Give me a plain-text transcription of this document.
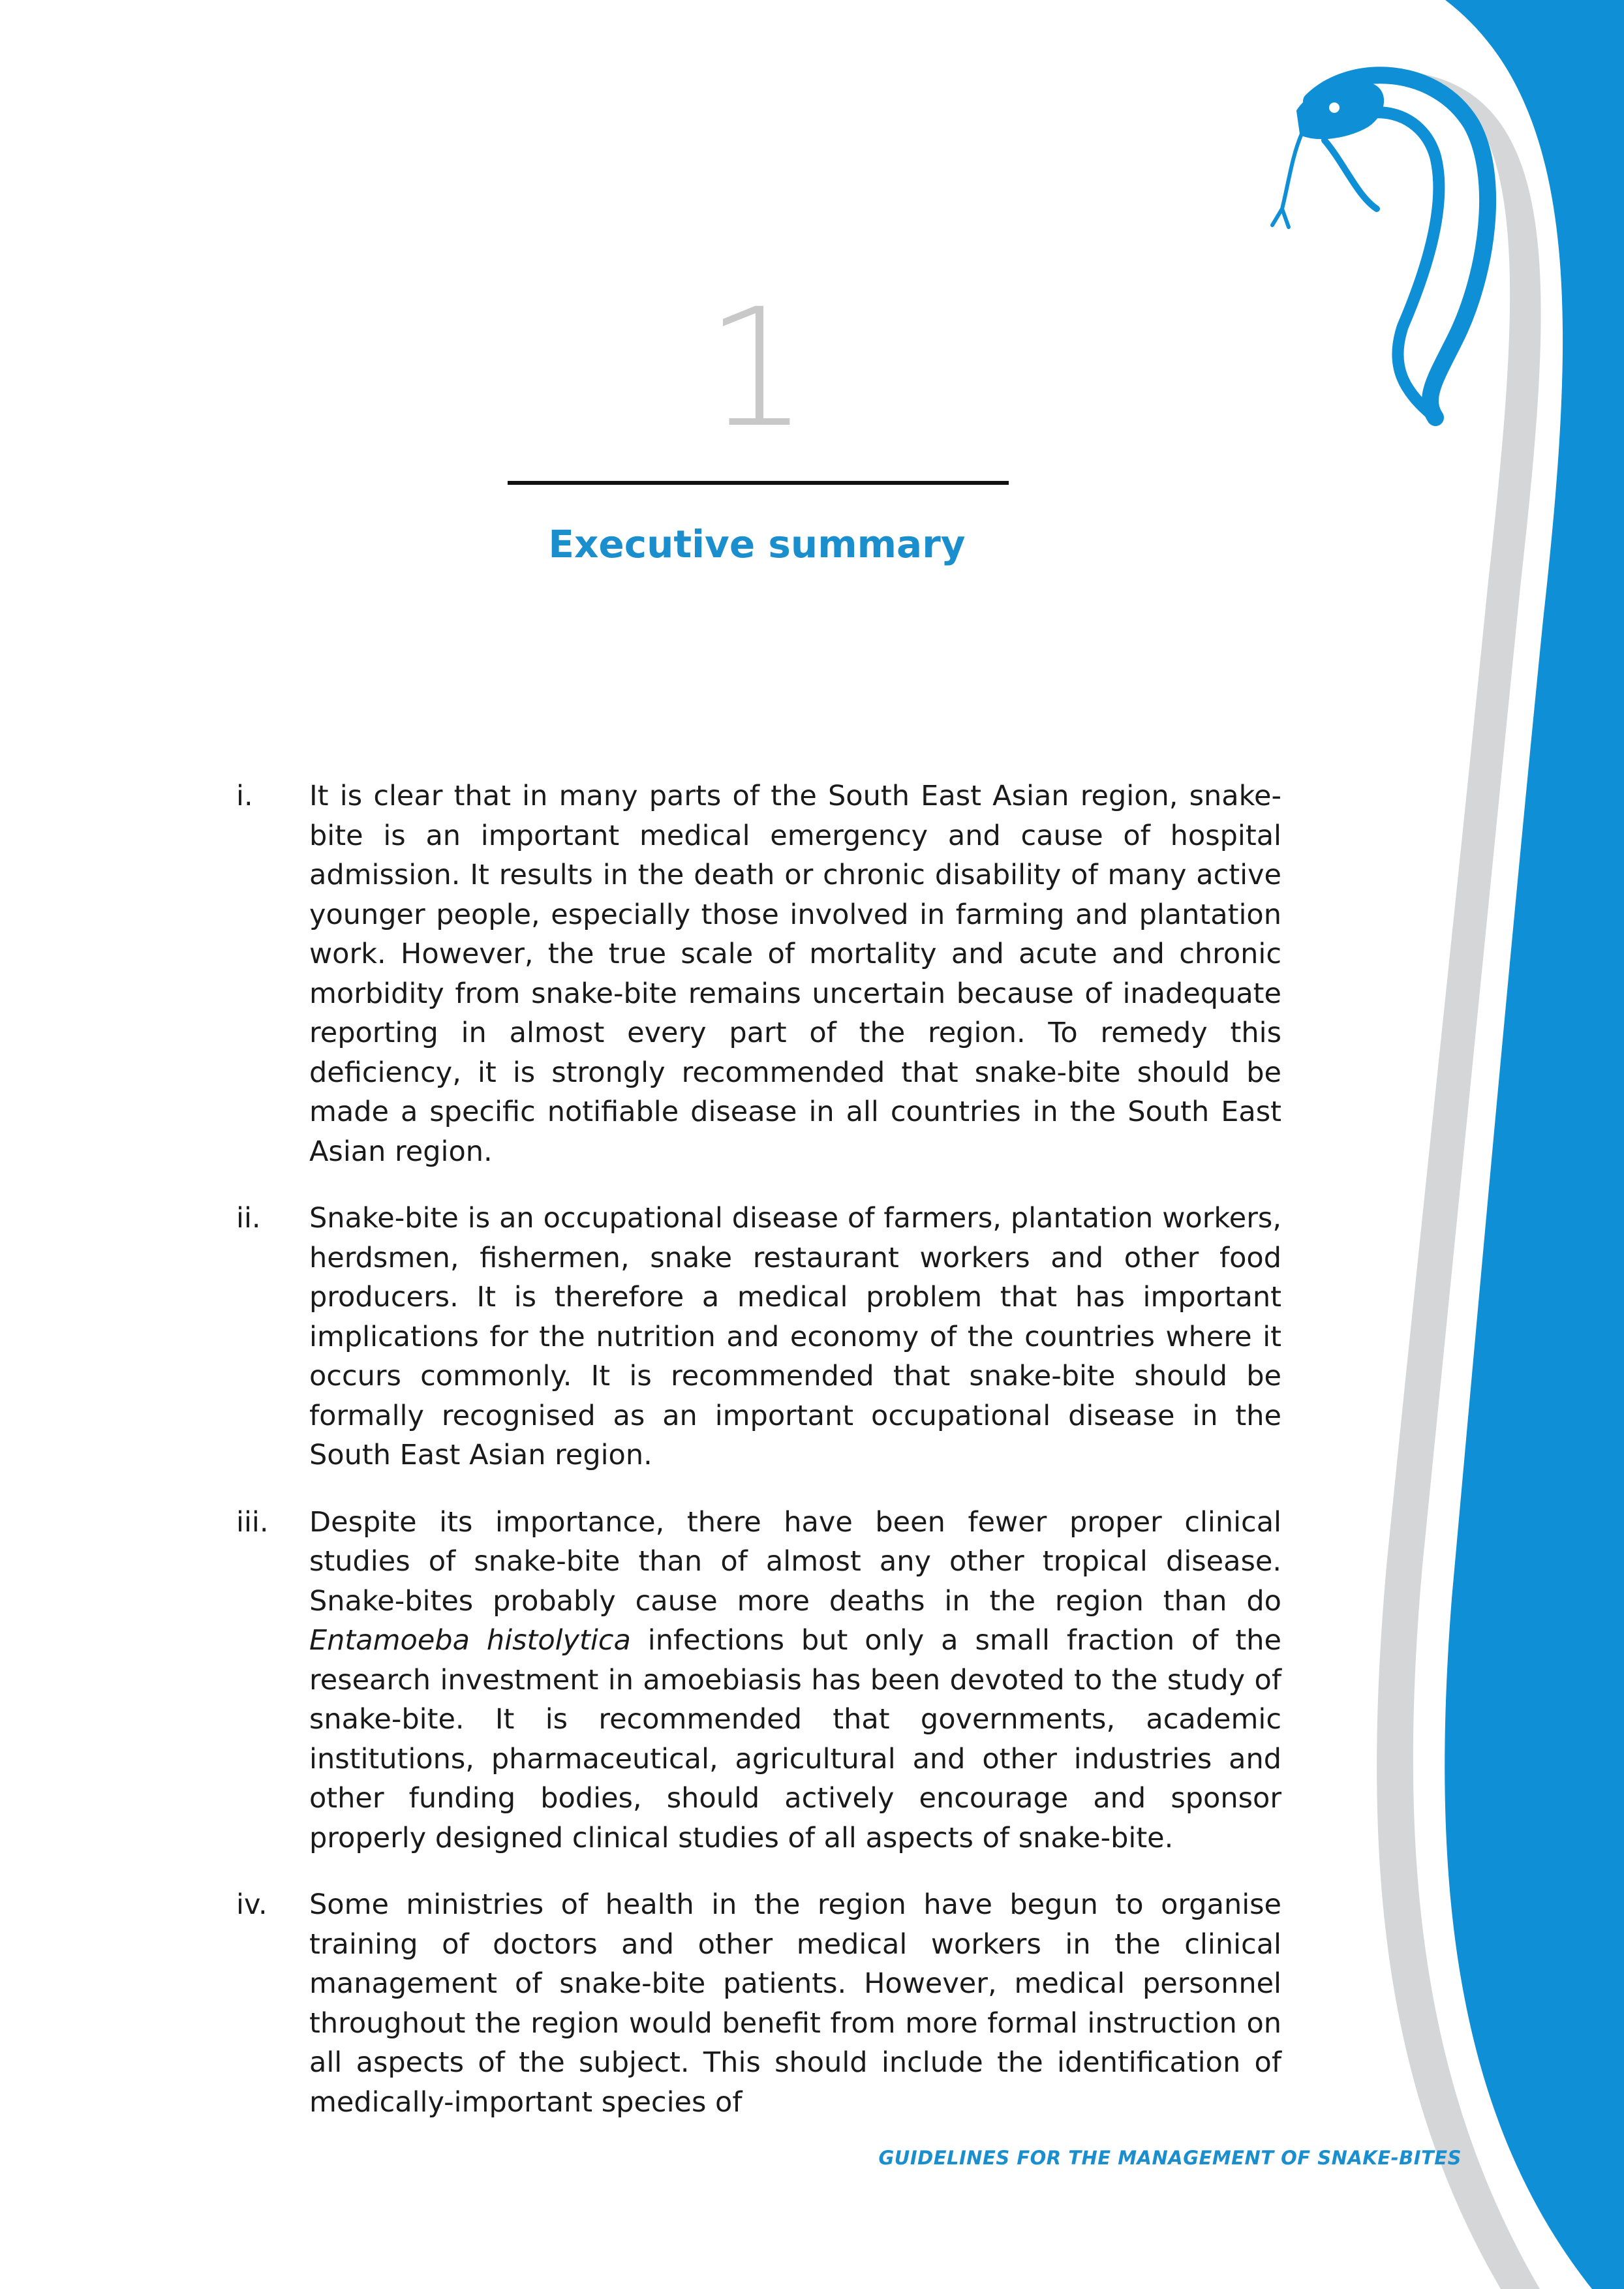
1
Executive summary
i. It is clear that in many parts of the South East Asian region, snake-bite is an important medical emergency and cause of hospital admission. It results in the death or chronic disability of many active younger people, especially those involved in farming and plantation work. However, the true scale of mortality and acute and chronic morbidity from snake-bite remains uncertain because of inadequate reporting in almost every part of the region. To remedy this deficiency, it is strongly recommended that snake-bite should be made a specific notifiable disease in all countries in the South East Asian region.

ii. Snake-bite is an occupational disease of farmers, plantation workers, herdsmen, fishermen, snake restaurant workers and other food producers. It is therefore a medical problem that has important implications for the nutrition and economy of the countries where it occurs commonly. It is recommended that snake-bite should be formally recognised as an important occupational disease in the South East Asian region.

iii. Despite its importance, there have been fewer proper clinical studies of snake-bite than of almost any other tropical disease. Snake-bites probably cause more deaths in the region than do Entamoeba histolytica infections but only a small fraction of the research investment in amoebiasis has been devoted to the study of snake-bite. It is recommended that governments, academic institutions, pharmaceutical, agricultural and other industries and other funding bodies, should actively encourage and sponsor properly designed clinical studies of all aspects of snake-bite.

iv. Some ministries of health in the region have begun to organise training of doctors and other medical workers in the clinical management of snake-bite patients. However, medical personnel throughout the region would benefit from more formal instruction on all aspects of the subject. This should include the identification of medically-important species of

GUIDELINES FOR THE MANAGEMENT OF SNAKE-BITES
